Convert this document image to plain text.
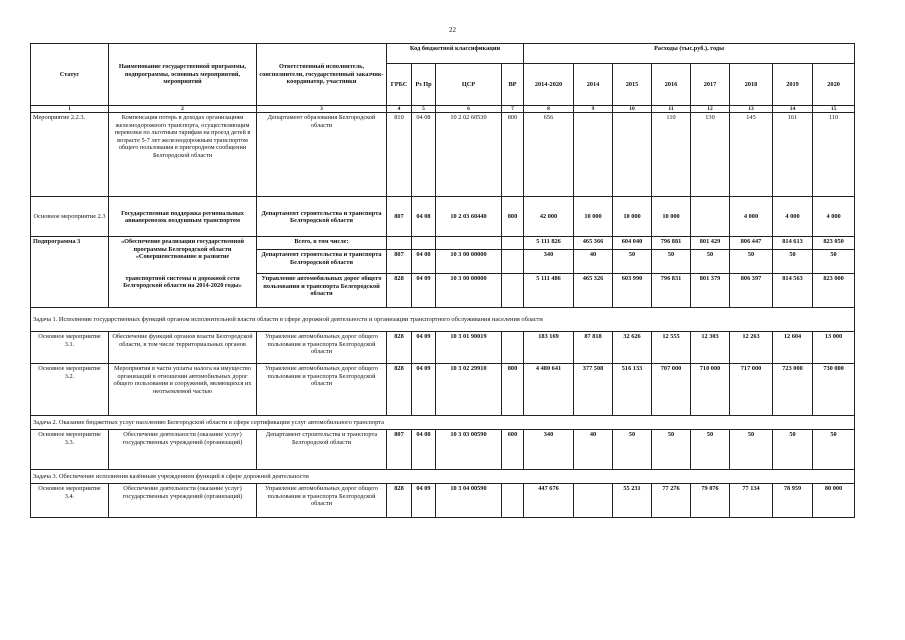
22
Статус	Наименование государственной программы, подпрограммы, основных мероприятий, мероприятий	Ответственный исполнитель, соисполнители, государственный заказчик-координатор, участники	Код бюджетной классификации				Расходы (тыс.руб.), годы							
			ГРБС	Рз Пр	ЦСР	ВР	2014-2020	2014	2015	2016	2017	2018	2019	2020
1	2	3	4	5	6	7	8	9	10	11	12	13	14	15
Мероприятие 2.2.3.	Компенсация потерь в доходах организациям железнодорожного транспорта, осуществляющим перевозки по льготным тарифам на проезд детей в возрасте 5-7 лет железнодорожным транспортом общего пользования в пригородном сообщении Белгородской области	Департамент образования Белгородской области	810	04 08	10 2 02 60530	800	656			110	130	145	161	110
Основное мероприятие 2.3	Государственная поддержка региональных авиаперевозок воздушным транспортом	Департамент строительства и транспорта Белгородской области	807	04 08	10 2 03 60440	800	42 000	10 000	10 000	10 000		4 000	4 000	4 000
Подпрограмма 3	«Обеспечение реализации государственной программы Белгородской области «Совершенствование и развитие	Всего, в том числе:					5 111 826	465 366	604 040	796 881	801 429	806 447	814 613	823 050
		Департамент строительства и транспорта Белгородской области	807	04 08	10 3 00 00000		340	40	50	50	50	50	50	50
	транспортной системы и дорожной сети Белгородской области на 2014-2020 годы»	Управление автомобильных дорог общего пользования и транспорта Белгородской области	828	04 09	10 3 00 00000		5 111 486	465 326	603 990	796 831	801 379	806 397	814 563	823 000
Задача 1. Исполнение государственных функций органом исполнительной власти области в сфере дорожной деятельности и организации транспортного обслуживания населения области														
Основное мероприятие 3.1.	Обеспечение функций органов власти Белгородской области, в том числе территориальных органов	Управление автомобильных дорог общего пользования и транспорта Белгородской области	828	04 09	10 3 01 90019		183 169	87 818	32 626	12 555	12 303	12 263	12 604	13 000
Основное мероприятие 3.2.	Мероприятия в части уплаты налога на имущество организаций в отношении автомобильных дорог общего пользования и сооружений, являющихся их неотъемлемой частью	Управление автомобильных дорог общего пользования и транспорта Белгородской области	828	04 09	10 3 02 29910	800	4 480 641	377 508	516 133	707 000	710 000	717 000	723 000	730 000
Задача 2. Оказание бюджетных услуг населению Белгородской области в сфере сертификации услуг автомобильного транспорта														
Основное мероприятие 3.3.	Обеспечение деятельности (оказание услуг) государственных учреждений (организаций)	Департамент строительства и транспорта Белгородской области	807	04 08	10 3 03 00590	600	340	40	50	50	50	50	50	50
Задача 3. Обеспечение исполнения казённым учреждением функций в сфере дорожной деятельности														
Основное мероприятие 3.4.	Обеспечение деятельности (оказание услуг) государственных учреждений (организаций)	Управление автомобильных дорог общего пользования и транспорта Белгородской области	828	04 09	10 3 04 00590		447 676		55 231	77 276	79 076	77 134	78 959	80 000
